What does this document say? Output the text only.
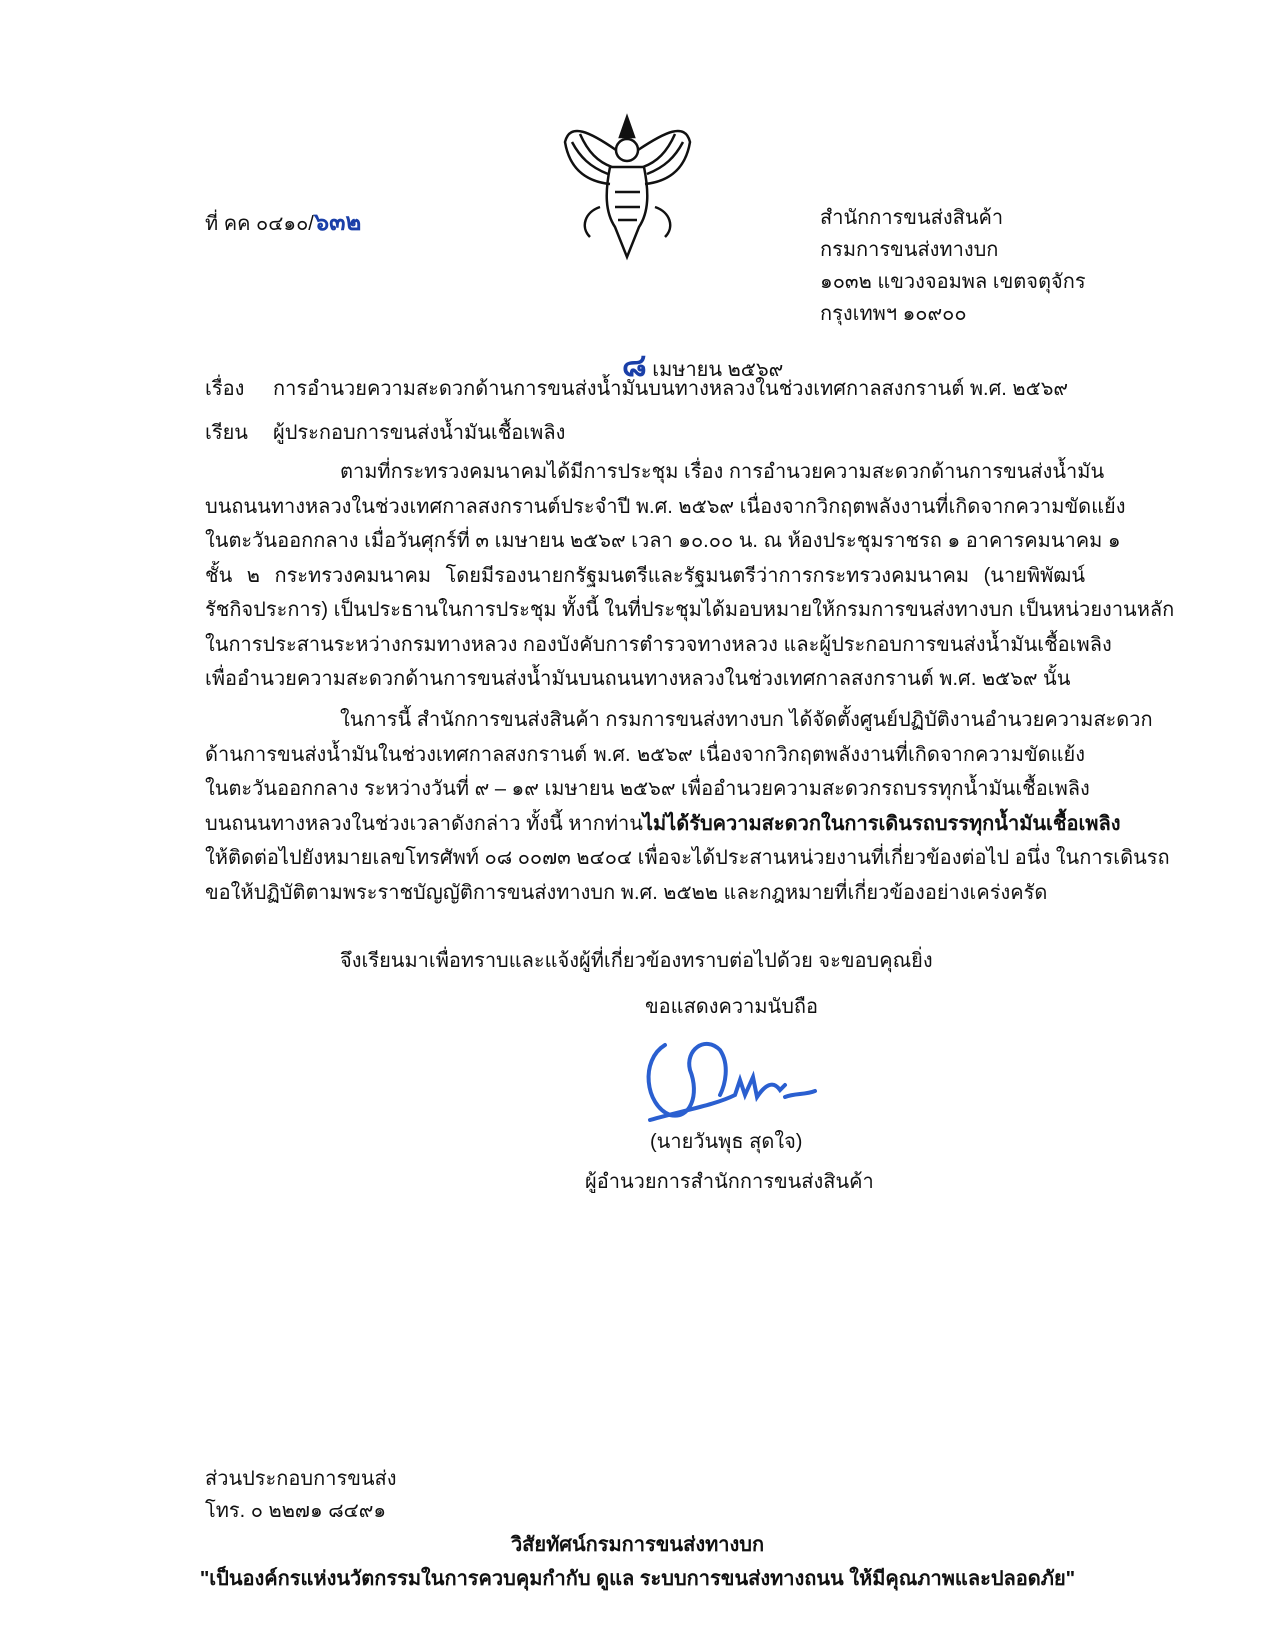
ที่ คค ๐๔๑๐/๖๓๒	สำนักการขนส่งสินค้า
กรมการขนส่งทางบก
๑๐๓๒ แขวงจอมพล เขตจตุจักร
กรุงเทพฯ ๑๐๙๐๐
๘ เมษายน ๒๕๖๙
เรื่อง การอำนวยความสะดวกด้านการขนส่งน้ำมันบนทางหลวงในช่วงเทศกาลสงกรานต์ พ.ศ. ๒๕๖๙
เรียน ผู้ประกอบการขนส่งน้ำมันเชื้อเพลิง
ตามที่กระทรวงคมนาคมได้มีการประชุม เรื่อง การอำนวยความสะดวกด้านการขนส่งน้ำมัน
บนถนนทางหลวงในช่วงเทศกาลสงกรานต์ประจำปี พ.ศ. ๒๕๖๙ เนื่องจากวิกฤตพลังงานที่เกิดจากความขัดแย้ง
ในตะวันออกกลาง เมื่อวันศุกร์ที่ ๓ เมษายน ๒๕๖๙ เวลา ๑๐.๐๐ น. ณ ห้องประชุมราชรถ ๑ อาคารคมนาคม ๑
ชั้น ๒ กระทรวงคมนาคม โดยมีรองนายกรัฐมนตรีและรัฐมนตรีว่าการกระทรวงคมนาคม (นายพิพัฒน์
รัชกิจประการ) เป็นประธานในการประชุม ทั้งนี้ ในที่ประชุมได้มอบหมายให้กรมการขนส่งทางบก เป็นหน่วยงานหลัก
ในการประสานระหว่างกรมทางหลวง กองบังคับการตำรวจทางหลวง และผู้ประกอบการขนส่งน้ำมันเชื้อเพลิง
เพื่ออำนวยความสะดวกด้านการขนส่งน้ำมันบนถนนทางหลวงในช่วงเทศกาลสงกรานต์ พ.ศ. ๒๕๖๙ นั้น
ในการนี้ สำนักการขนส่งสินค้า กรมการขนส่งทางบก ได้จัดตั้งศูนย์ปฏิบัติงานอำนวยความสะดวก
ด้านการขนส่งน้ำมันในช่วงเทศกาลสงกรานต์ พ.ศ. ๒๕๖๙ เนื่องจากวิกฤตพลังงานที่เกิดจากความขัดแย้ง
ในตะวันออกกลาง ระหว่างวันที่ ๙ – ๑๙ เมษายน ๒๕๖๙ เพื่ออำนวยความสะดวกรถบรรทุกน้ำมันเชื้อเพลิง
บนถนนทางหลวงในช่วงเวลาดังกล่าว ทั้งนี้ หากท่านไม่ได้รับความสะดวกในการเดินรถบรรทุกน้ำมันเชื้อเพลิง
ให้ติดต่อไปยังหมายเลขโทรศัพท์ ๐๘ ๐๐๗๓ ๒๔๐๔ เพื่อจะได้ประสานหน่วยงานที่เกี่ยวข้องต่อไป อนึ่ง ในการเดินรถ
ขอให้ปฏิบัติตามพระราชบัญญัติการขนส่งทางบก พ.ศ. ๒๕๒๒ และกฎหมายที่เกี่ยวข้องอย่างเคร่งครัด
จึงเรียนมาเพื่อทราบและแจ้งผู้ที่เกี่ยวข้องทราบต่อไปด้วย จะขอบคุณยิ่ง
ขอแสดงความนับถือ
(นายวันพุธ สุดใจ)
ผู้อำนวยการสำนักการขนส่งสินค้า
ส่วนประกอบการขนส่ง
โทร. ๐ ๒๒๗๑ ๘๔๙๑
วิสัยทัศน์กรมการขนส่งทางบก
"เป็นองค์กรแห่งนวัตกรรมในการควบคุมกำกับ ดูแล ระบบการขนส่งทางถนน ให้มีคุณภาพและปลอดภัย"
